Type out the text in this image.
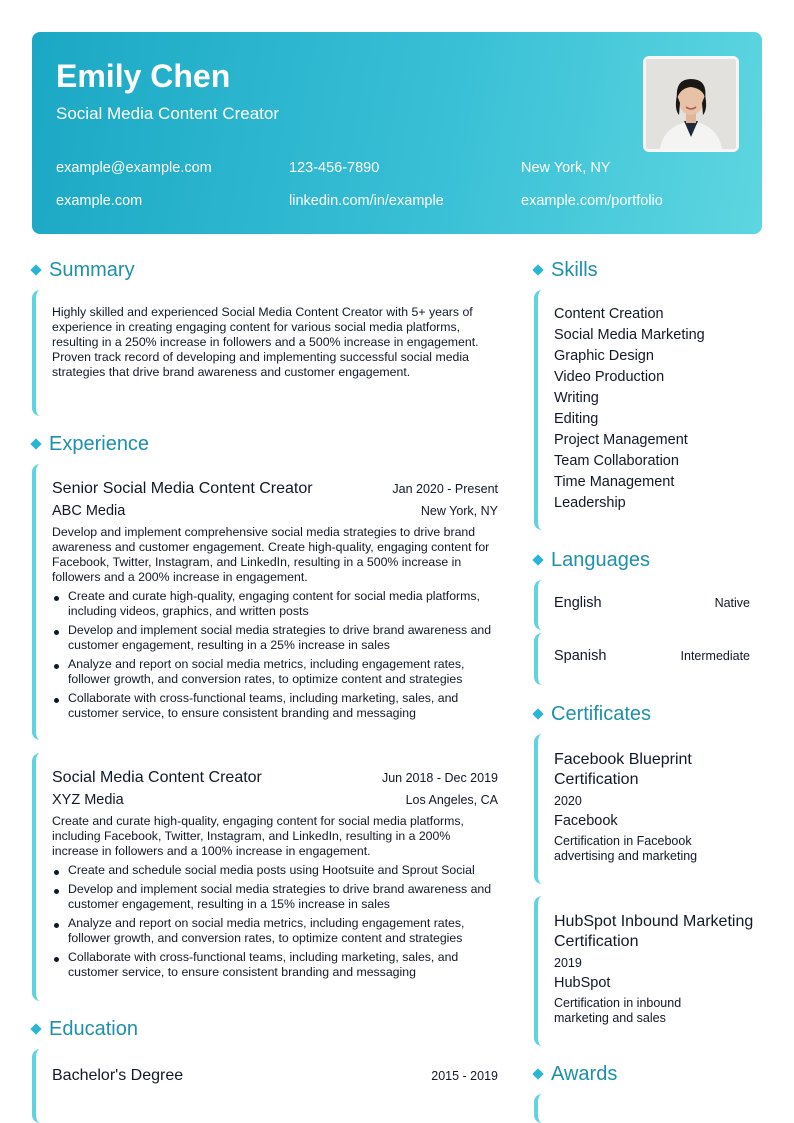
Emily Chen
Social Media Content Creator
example@example.com	123-456-7890	New York, NY
example.com	linkedin.com/in/example	example.com/portfolio
Summary
Highly skilled and experienced Social Media Content Creator with 5+ years of experience in creating engaging content for various social media platforms, resulting in a 250% increase in followers and a 500% increase in engagement. Proven track record of developing and implementing successful social media strategies that drive brand awareness and customer engagement.
Experience
Senior Social Media Content Creator	Jan 2020 - Present
ABC Media	New York, NY
Develop and implement comprehensive social media strategies to drive brand awareness and customer engagement. Create high-quality, engaging content for Facebook, Twitter, Instagram, and LinkedIn, resulting in a 500% increase in followers and a 200% increase in engagement.
Create and curate high-quality, engaging content for social media platforms, including videos, graphics, and written posts
Develop and implement social media strategies to drive brand awareness and customer engagement, resulting in a 25% increase in sales
Analyze and report on social media metrics, including engagement rates, follower growth, and conversion rates, to optimize content and strategies
Collaborate with cross-functional teams, including marketing, sales, and customer service, to ensure consistent branding and messaging
Social Media Content Creator	Jun 2018 - Dec 2019
XYZ Media	Los Angeles, CA
Create and curate high-quality, engaging content for social media platforms, including Facebook, Twitter, Instagram, and LinkedIn, resulting in a 200% increase in followers and a 100% increase in engagement.
Create and schedule social media posts using Hootsuite and Sprout Social
Develop and implement social media strategies to drive brand awareness and customer engagement, resulting in a 15% increase in sales
Analyze and report on social media metrics, including engagement rates, follower growth, and conversion rates, to optimize content and strategies
Collaborate with cross-functional teams, including marketing, sales, and customer service, to ensure consistent branding and messaging
Education
Bachelor's Degree	2015 - 2019
Skills
Content Creation
Social Media Marketing
Graphic Design
Video Production
Writing
Editing
Project Management
Team Collaboration
Time Management
Leadership
Languages
English	Native
Spanish	Intermediate
Certificates
Facebook Blueprint Certification
2020
Facebook
Certification in Facebook advertising and marketing
HubSpot Inbound Marketing Certification
2019
HubSpot
Certification in inbound marketing and sales
Awards
